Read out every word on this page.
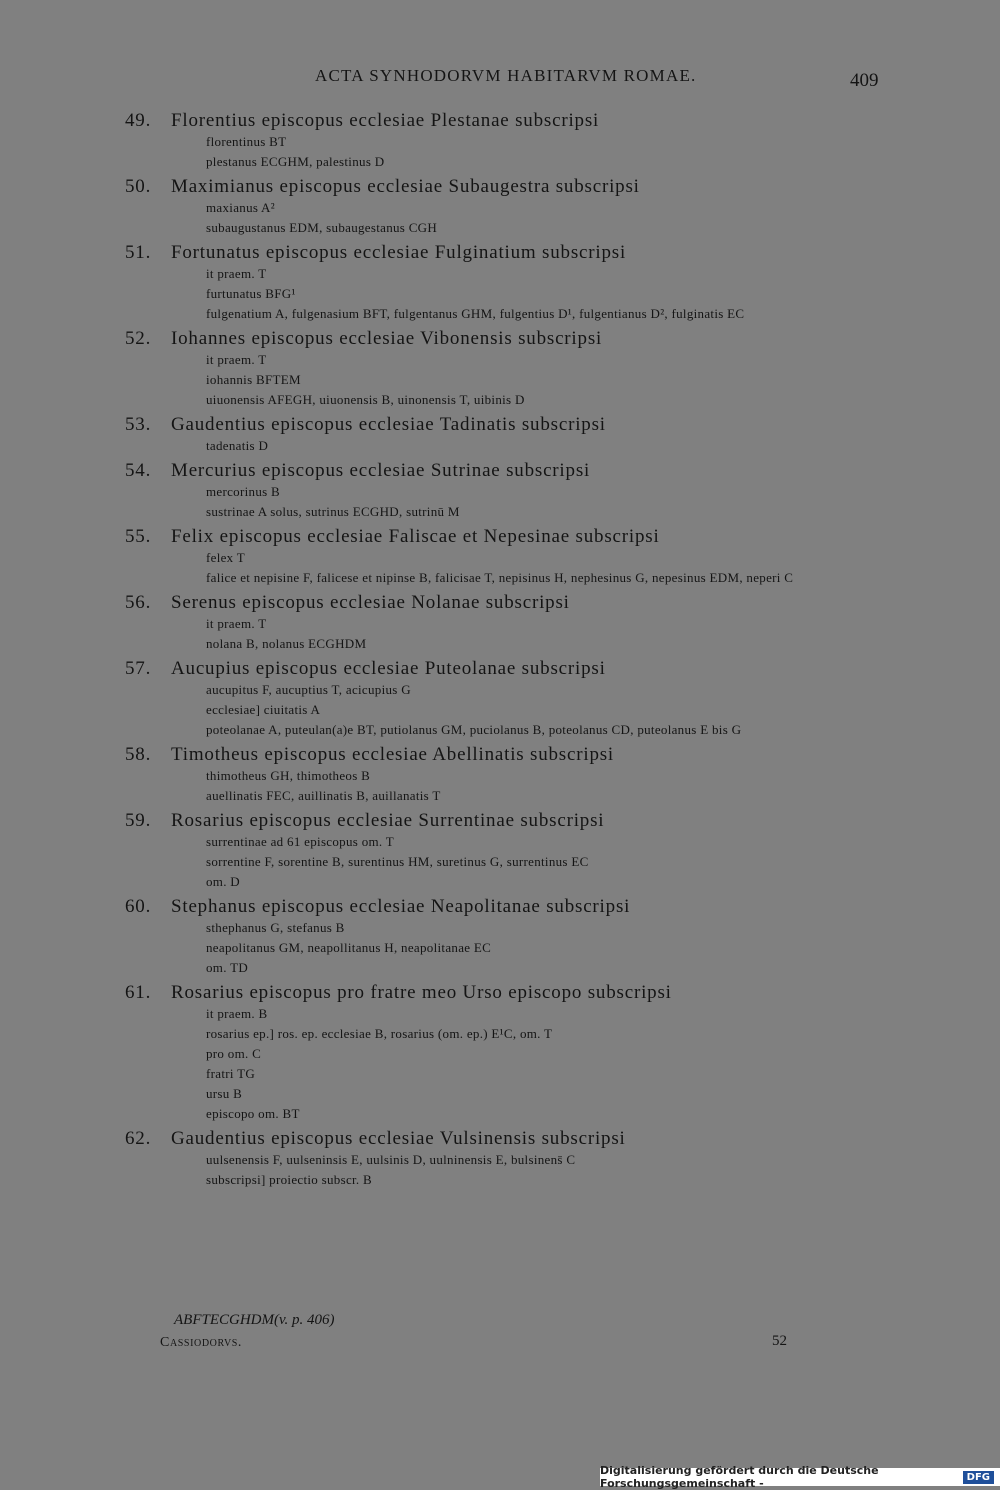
ACTA SYNHODORVM HABITARVM ROMAE.	409
49. Florentius episcopus ecclesiae Plestanae subscripsi
florentinus BT
plestanus ECGHM, palestinus D
50. Maximianus episcopus ecclesiae Subaugestra subscripsi
maxianus A²
subaugustanus EDM, subaugestanus CGH
51. Fortunatus episcopus ecclesiae Fulginatium subscripsi
it praem. T
furtunatus BFG¹
fulgenatium A, fulgenasium BFT, fulgentanus GHM, fulgentius D¹, fulgentianus D², fulginatis EC
52. Iohannes episcopus ecclesiae Vibonensis subscripsi
it praem. T
iohannis BFTEM
uiuonensis AFEGH, uiuonensis B, uinonensis T, uibinis D
53. Gaudentius episcopus ecclesiae Tadinatis subscripsi
tadenatis D
54. Mercurius episcopus ecclesiae Sutrinae subscripsi
mercorinus B
sustrinae A solus, sutrinus ECGHD, sutrinū M
55. Felix episcopus ecclesiae Faliscae et Nepesinae subscripsi
felex T
falice et nepisine F, falicese et nipinse B, falicisae T, nepisinus H, nephesinus G, nepesinus EDM, neperi C
56. Serenus episcopus ecclesiae Nolanae subscripsi
it praem. T
nolana B, nolanus ECGHDM
57. Aucupius episcopus ecclesiae Puteolanae subscripsi
aucupitus F, aucuptius T, acicupius G
ecclesiae] ciuitatis A
poteolanae A, puteulan(a)e BT, putiolanus GM, puciolanus B, poteolanus CD, puteolanus E bis G
58. Timotheus episcopus ecclesiae Abellinatis subscripsi
thimotheus GH, thimotheos B
auellinatis FEC, auillinatis B, auillanatis T
59. Rosarius episcopus ecclesiae Surrentinae subscripsi
surrentinae ad 61 episcopus om. T
sorrentine F, sorentine B, surentinus HM, suretinus G, surrentinus EC
om. D
60. Stephanus episcopus ecclesiae Neapolitanae subscripsi
sthephanus G, stefanus B
neapolitanus GM, neapollitanus H, neapolitanae EC
om. TD
61. Rosarius episcopus pro fratre meo Urso episcopo subscripsi
it praem. B
rosarius ep.] ros. ep. ecclesiae B, rosarius (om. ep.) E¹C, om. T
pro om. C
fratri TG
ursu B
episcopo om. BT
62. Gaudentius episcopus ecclesiae Vulsinensis subscripsi
uulsenensis F, uulseninsis E, uulsinis D, uulninensis E, bulsinens̄ C
subscripsi] proiectio subscr. B
ABFTECGHDM(v. p. 406)
Cassiodorvs.	52
Digitalisierung gefördert durch die Deutsche Forschungsgemeinschaft -	DFG
